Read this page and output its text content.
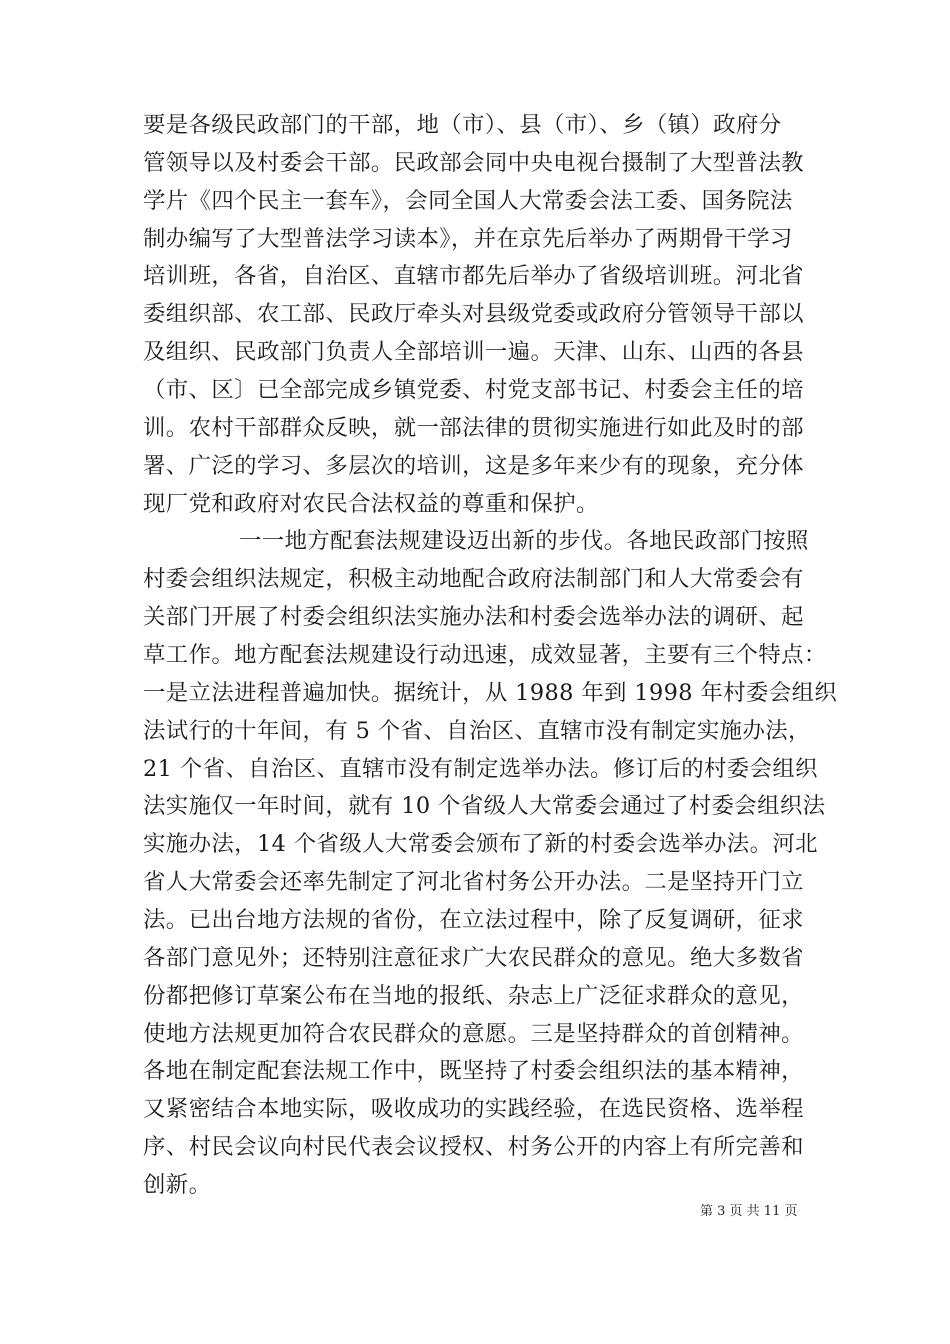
要是各级民政部门的干部，地（市）、县（市）、乡（镇）政府分
管领导以及村委会干部。民政部会同中央电视台摄制了大型普法教
学片《四个民主一套车》，会同全国人大常委会法工委、国务院法
制办编写了大型普法学习读本》，并在京先后举办了两期骨干学习
培训班，各省，自治区、直辖市都先后举办了省级培训班。河北省
委组织部、农工部、民政厅牵头对县级党委或政府分管领导干部以
及组织、民政部门负责人全部培训一遍。天津、山东、山西的各县
（市、区〕已全部完成乡镇党委、村党支部书记、村委会主任的培
训。农村干部群众反映，就一部法律的贯彻实施进行如此及时的部
署、广泛的学习、多层次的培训，这是多年来少有的现象，充分体
现厂党和政府对农民合法权益的尊重和保护。
一一地方配套法规建设迈出新的步伐。各地民政部门按照
村委会组织法规定，积极主动地配合政府法制部门和人大常委会有
关部门开展了村委会组织法实施办法和村委会选举办法的调研、起
草工作。地方配套法规建设行动迅速，成效显著，主要有三个特点：
一是立法进程普遍加快。据统计，从 1988 年到 1998 年村委会组织
法试行的十年间，有 5 个省、自治区、直辖市没有制定实施办法，
21 个省、自治区、直辖市没有制定选举办法。修订后的村委会组织
法实施仅一年时间，就有 10 个省级人大常委会通过了村委会组织法
实施办法，14 个省级人大常委会颁布了新的村委会选举办法。河北
省人大常委会还率先制定了河北省村务公开办法。二是坚持开门立
法。已出台地方法规的省份，在立法过程中，除了反复调研，征求
各部门意见外；还特别注意征求广大农民群众的意见。绝大多数省
份都把修订草案公布在当地的报纸、杂志上广泛征求群众的意见，
使地方法规更加符合农民群众的意愿。三是坚持群众的首创精神。
各地在制定配套法规工作中，既坚持了村委会组织法的基本精神，
又紧密结合本地实际，吸收成功的实践经验，在选民资格、选举程
序、村民会议向村民代表会议授权、村务公开的内容上有所完善和
创新。
第 3 页 共 11 页
